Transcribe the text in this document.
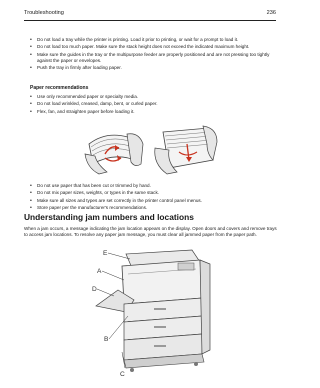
Troubleshooting	236
• Do not load a tray while the printer is printing. Load it prior to printing, or wait for a prompt to load it.
• Do not load too much paper. Make sure the stack height does not exceed the indicated maximum height.
• Make sure the guides in the tray or the multipurpose feeder are properly positioned and are not pressing too tightly against the paper or envelopes.
• Push the tray in firmly after loading paper.
Paper recommendations
• Use only recommended paper or specialty media.
• Do not load wrinkled, creased, damp, bent, or curled paper.
• Flex, fan, and straighten paper before loading it.
• Do not use paper that has been cut or trimmed by hand.
• Do not mix paper sizes, weights, or types in the same stack.
• Make sure all sizes and types are set correctly in the printer control panel menus.
• Store paper per the manufacturer's recommendations.
Understanding jam numbers and locations

When a jam occurs, a message indicating the jam location appears on the display. Open doors and covers and remove trays to access jam locations. To resolve any paper jam message, you must clear all jammed paper from the paper path.

E
A
D
B
C
